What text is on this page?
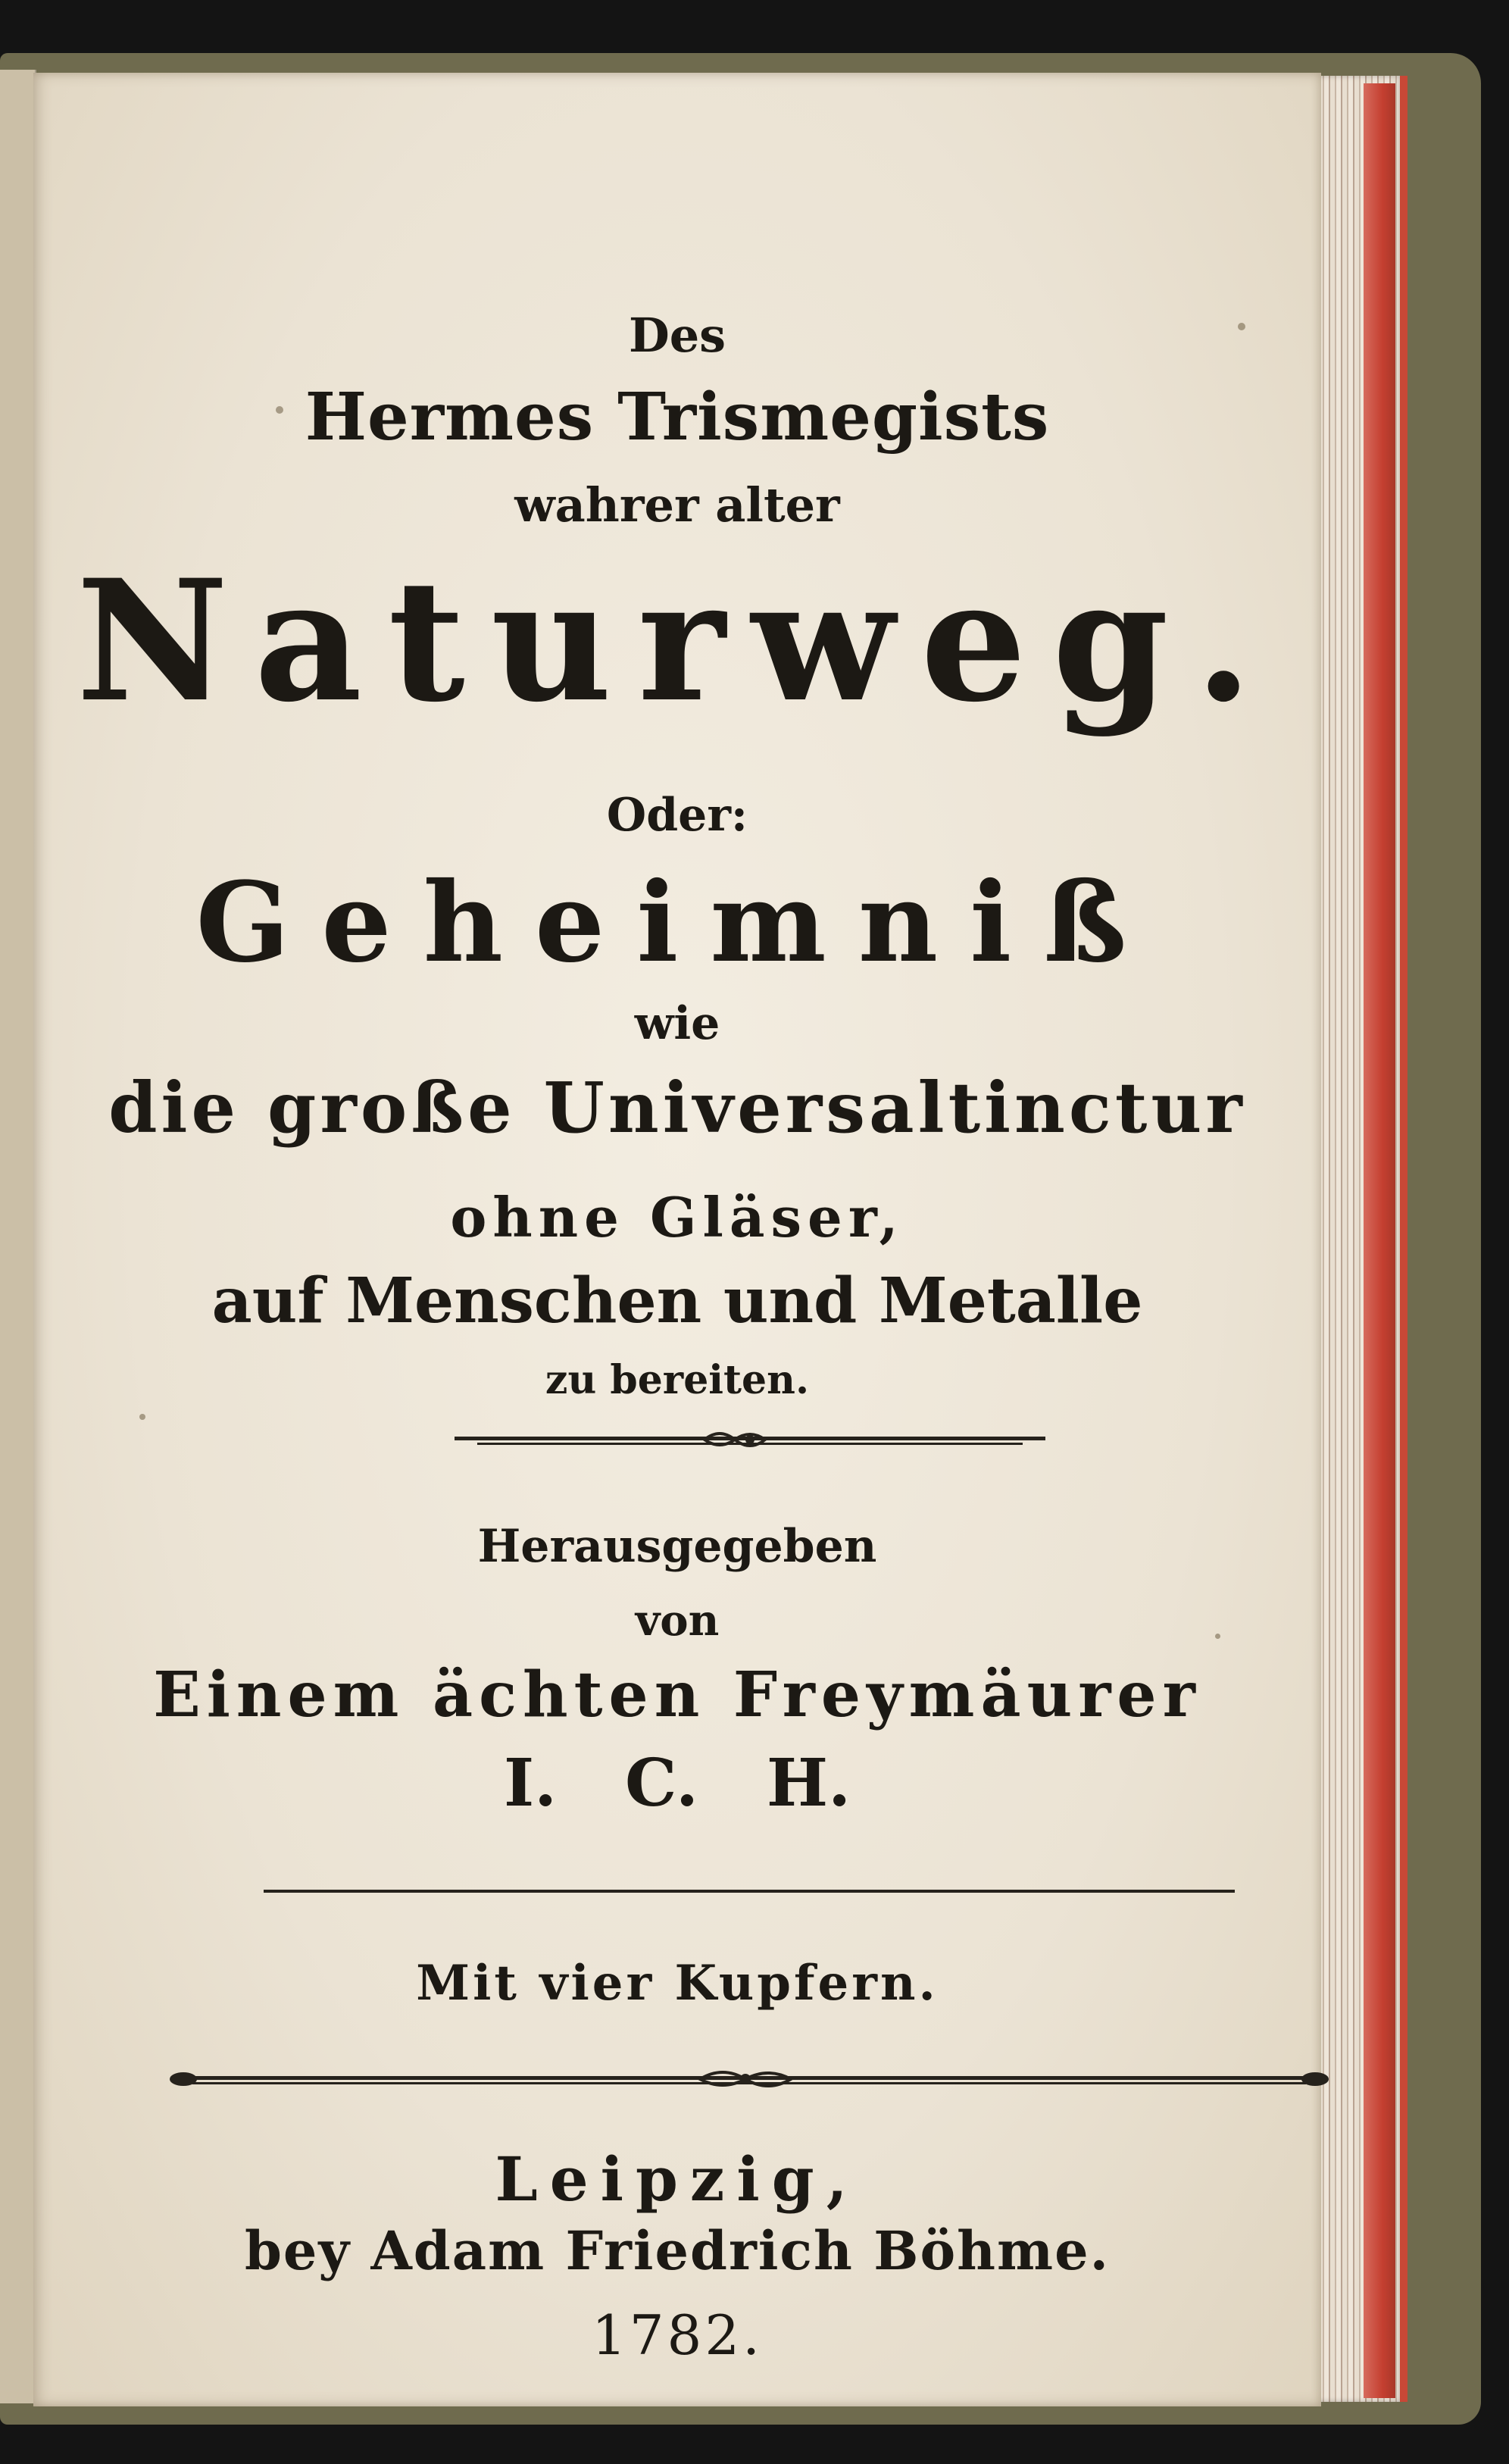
Des
Hermes Trismegists
wahrer alter
Naturweg.
Oder:
Geheimniß
wie
die große Universaltinctur
ohne Gläser,
auf Menschen und Metalle
zu bereiten.
Herausgegeben
von
Einem ächten Freymäurer
I. C. H.
Mit vier Kupfern.
Leipzig,
bey Adam Friedrich Böhme.
1782.
